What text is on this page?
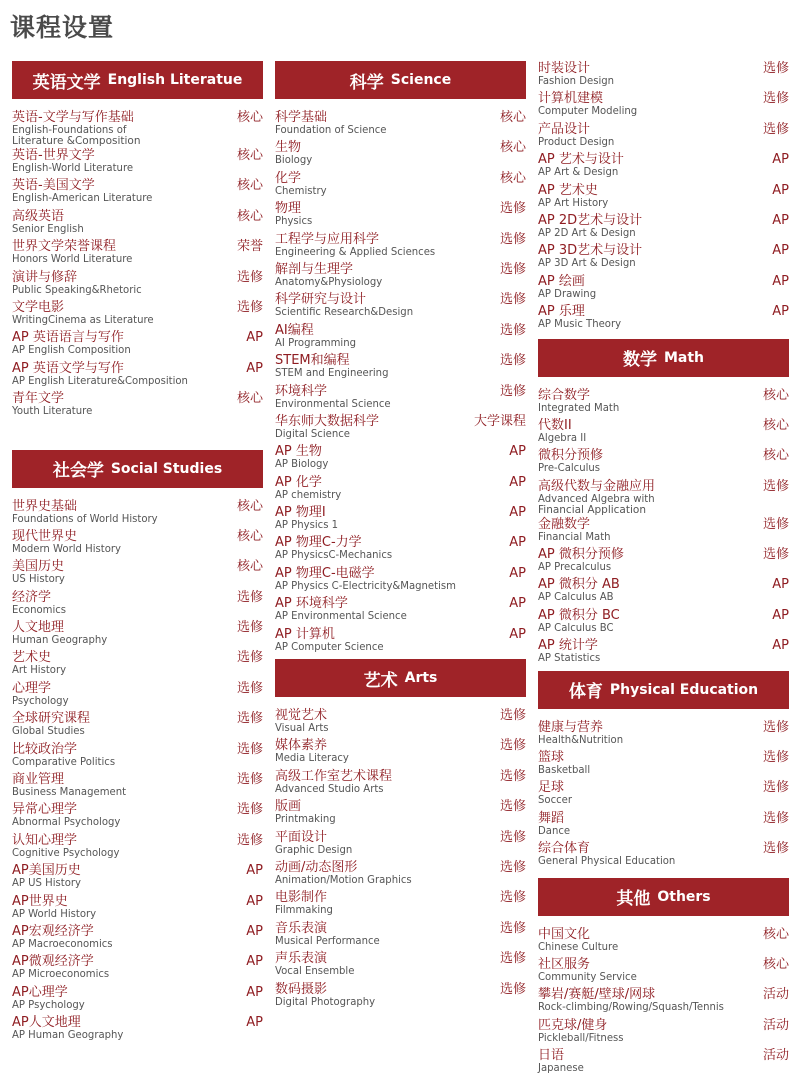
课程设置
英语文学 English Literatue
英语-文学与写作基础
English-Foundations of
Literature &Composition
核心
英语-世界文学
English-World Literature
核心
英语-美国文学
English-American Literature
核心
高级英语
Senior English
核心
世界文学荣誉课程
Honors World Literature
荣誉
演讲与修辞
Public Speaking&Rhetoric
选修
文学电影
WritingCinema as Literature
选修
AP 英语语言与写作
AP English Composition
AP
AP 英语文学与写作
AP English Literature&Composition
AP
青年文学
Youth Literature
核心
社会学 Social Studies
世界史基础
Foundations of World History
核心
现代世界史
Modern World History
核心
美国历史
US History
核心
经济学
Economics
选修
人文地理
Human Geography
选修
艺术史
Art History
选修
心理学
Psychology
选修
全球研究课程
Global Studies
选修
比较政治学
Comparative Politics
选修
商业管理
Business Management
选修
异常心理学
Abnormal Psychology
选修
认知心理学
Cognitive Psychology
选修
AP美国历史
AP US History
AP
AP世界史
AP World History
AP
AP宏观经济学
AP Macroeconomics
AP
AP微观经济学
AP Microeconomics
AP
AP心理学
AP Psychology
AP
AP人文地理
AP Human Geography
AP
科学 Science
科学基础
Foundation of Science
核心
生物
Biology
核心
化学
Chemistry
核心
物理
Physics
选修
工程学与应用科学
Engineering & Applied Sciences
选修
解剖与生理学
Anatomy&Physiology
选修
科学研究与设计
Scientific Research&Design
选修
AI编程
AI Programming
选修
STEM和编程
STEM and Engineering
选修
环境科学
Environmental Science
选修
华东师大数据科学
Digital Science
大学课程
AP 生物
AP Biology
AP
AP 化学
AP chemistry
AP
AP 物理I
AP Physics 1
AP
AP 物理C-力学
AP PhysicsC-Mechanics
AP
AP 物理C-电磁学
AP Physics C-Electricity&Magnetism
AP
AP 环境科学
AP Environmental Science
AP
AP 计算机
AP Computer Science
AP
艺术 Arts
视觉艺术
Visual Arts
选修
媒体素养
Media Literacy
选修
高级工作室艺术课程
Advanced Studio Arts
选修
版画
Printmaking
选修
平面设计
Graphic Design
选修
动画/动态图形
Animation/Motion Graphics
选修
电影制作
Filmmaking
选修
音乐表演
Musical Performance
选修
声乐表演
Vocal Ensemble
选修
数码摄影
Digital Photography
选修
时装设计
Fashion Design
选修
计算机建模
Computer Modeling
选修
产品设计
Product Design
选修
AP 艺术与设计
AP Art & Design
AP
AP 艺术史
AP Art History
AP
AP 2D艺术与设计
AP 2D Art & Design
AP
AP 3D艺术与设计
AP 3D Art & Design
AP
AP 绘画
AP Drawing
AP
AP 乐理
AP Music Theory
AP
数学 Math
综合数学
Integrated Math
核心
代数II
Algebra II
核心
微积分预修
Pre-Calculus
核心
高级代数与金融应用
Advanced Algebra with
Financial Application
选修
金融数学
Financial Math
选修
AP 微积分预修
AP Precalculus
选修
AP 微积分 AB
AP Calculus AB
AP
AP 微积分 BC
AP Calculus BC
AP
AP 统计学
AP Statistics
AP
体育 Physical Education
健康与营养
Health&Nutrition
选修
篮球
Basketball
选修
足球
Soccer
选修
舞蹈
Dance
选修
综合体育
General Physical Education
选修
其他 Others
中国文化
Chinese Culture
核心
社区服务
Community Service
核心
攀岩/赛艇/壁球/网球
Rock-climbing/Rowing/Squash/Tennis
活动
匹克球/健身
Pickleball/Fitness
活动
日语
Japanese
活动
